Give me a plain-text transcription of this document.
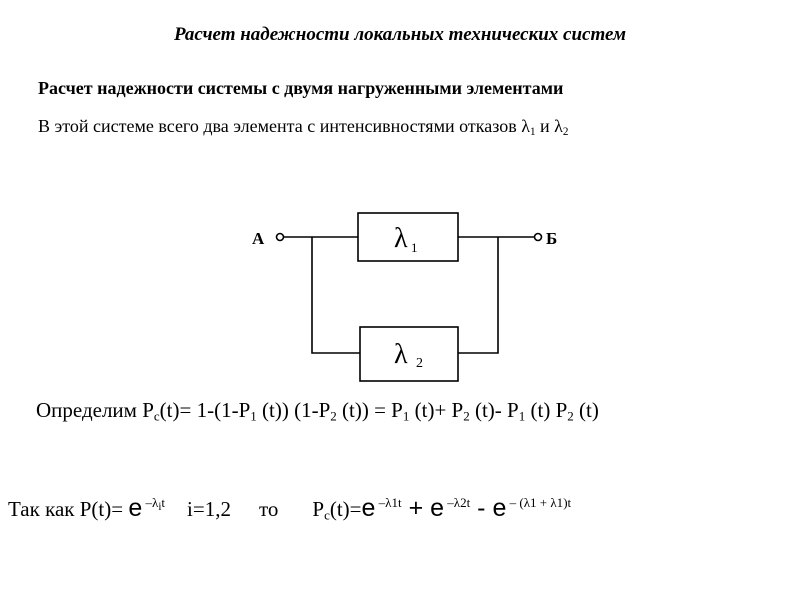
Расчет надежности локальных технических систем
Расчет надежности системы с двумя нагруженными элементами
В этой системе всего два элемента с интенсивностями отказов $\lambda_1$ и $\lambda_2$
А	Б
λ 1
λ 2
Определим $P_c(t)= 1-(1-P_1$ (t)) ($1-P_2$ $(t)) = P_1$ $(t)+ P_2$ (t)- $P_1$ (t) $P_2$ (t)
Так как P(t)= e $^{-\lambda_it}$ i=1,2 то $P_c(t)=e$ $^{-\lambda 1t}$ + e $^{-\lambda 2t}$ - e $^{- (\lambda 1 + \lambda 1)t}$
